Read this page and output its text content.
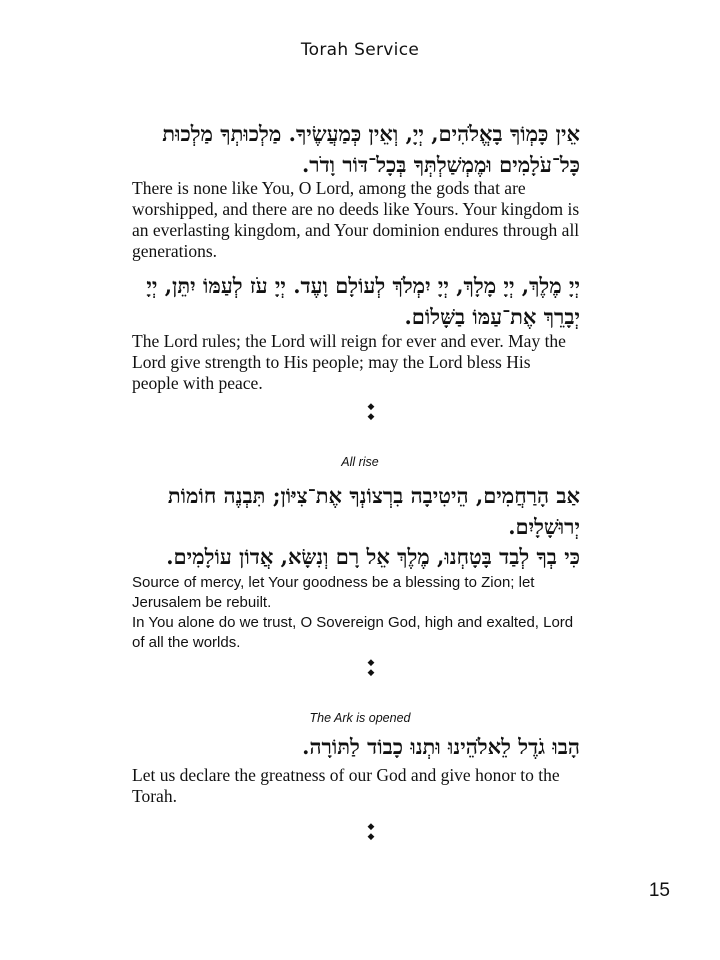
Torah Service
אֵין כָּמְוֹךָ בָאֱלֹהִים, יְיָ, וְאֵין כְּמַעֲשֶׂיךָ. מַלְכוּתְךָ מַלְכוּת כָּל־עֹלָמִים וּמֶמְשַׁלְתְּךָ בְּכָל־דּוֹר וָדֹר.
There is none like You, O Lord, among the gods that are worshipped, and there are no deeds like Yours. Your kingdom is an everlasting kingdom, and Your dominion endures through all generations.
יְיָ מֶלֶךְ, יְיָ מָלָךְ, יְיָ יִמְלֹךְ לְעוֹלָם וָעֶד. יְיָ עֹז לְעַמּוֹ יִתֵּן, יְיָ יְבָרֵךְ אֶת־עַמּוֹ בַשָּׁלוֹם.
The Lord rules; the Lord will reign for ever and ever. May the Lord give strength to His people; may the Lord bless His people with peace.
◆ ◆
All rise
אַב הָרַחֲמִים, הֵיטִיבָה בִרְצוֹנְךָ אֶת־צִיּוֹן; תִּבְנֶה חוֹמוֹת יְרוּשָׁלָיִם.
כִּי בְךָ לְבַד בָּטָחְנוּ, מֶלֶךְ אֵל רָם וְנִשָּׂא, אֲדוֹן עוֹלָמִים.
Source of mercy, let Your goodness be a blessing to Zion; let Jerusalem be rebuilt.
In You alone do we trust, O Sovereign God, high and exalted, Lord of all the worlds.
◆ ◆
The Ark is opened
הָבוּ גֹדֶל לֵאלֹהֵינוּ וּתְנוּ כָבוֹד לַתּוֹרָה.
Let us declare the greatness of our God and give honor to the Torah.
◆ ◆
15
